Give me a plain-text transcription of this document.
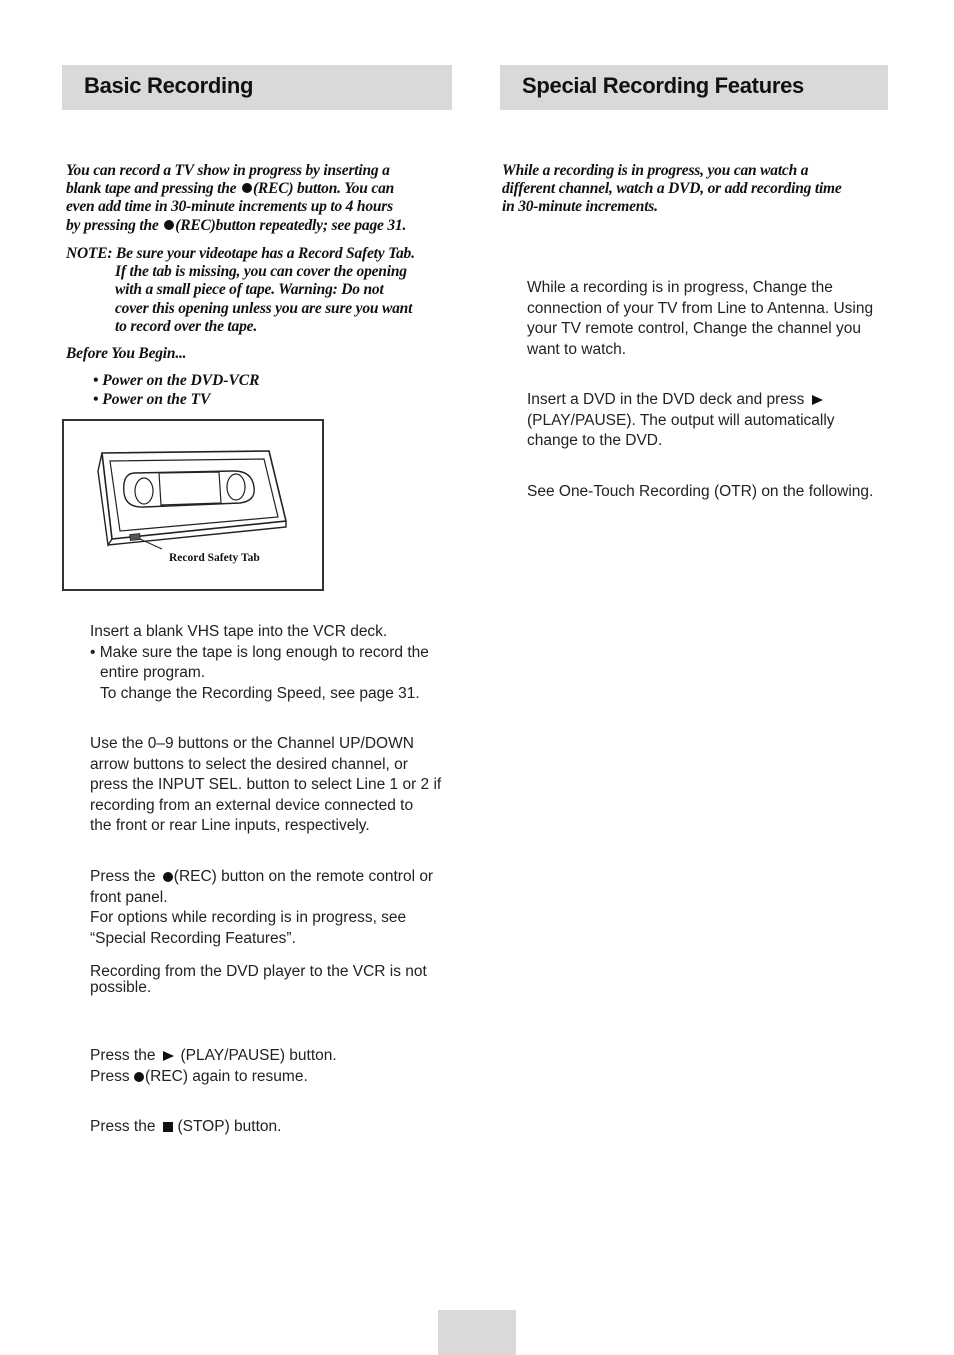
Basic Recording	Special Recording Features

You can record a TV show in progress by inserting a

blank tape and pressing the (REC) button. You can

even add time in 30-minute increments up to 4 hours

by pressing the (REC)button repeatedly; see page 31.

NOTE: Be sure your videotape has a Record Safety Tab.

If the tab is missing, you can cover the opening

with a small piece of tape. Warning: Do not

cover this opening unless you are sure you want

to record over the tape.

Before You Begin...
• Power on the DVD-VCR
• Power on the TV
Record Safety Tab

Insert a blank VHS tape into the VCR deck.

• Make sure the tape is long enough to record the

entire program.

To change the Recording Speed, see page 31.

Use the 0–9 buttons or the Channel UP/DOWN

arrow buttons to select the desired channel, or

press the INPUT SEL. button to select Line 1 or 2 if

recording from an external device connected to

the front or rear Line inputs, respectively.

Press the (REC) button on the remote control or

front panel.

For options while recording is in progress, see

“Special Recording Features”.

Recording from the DVD player to the VCR is not

possible.

Press the (PLAY/PAUSE) button.

Press (REC) again to resume.

Press the (STOP) button.

While a recording is in progress, you can watch a

different channel, watch a DVD, or add recording time

in 30-minute increments.

While a recording is in progress, Change the

connection of your TV from Line to Antenna. Using

your TV remote control, Change the channel you

want to watch.

Insert a DVD in the DVD deck and press

(PLAY/PAUSE). The output will automatically

change to the DVD.

See One-Touch Recording (OTR) on the following.
